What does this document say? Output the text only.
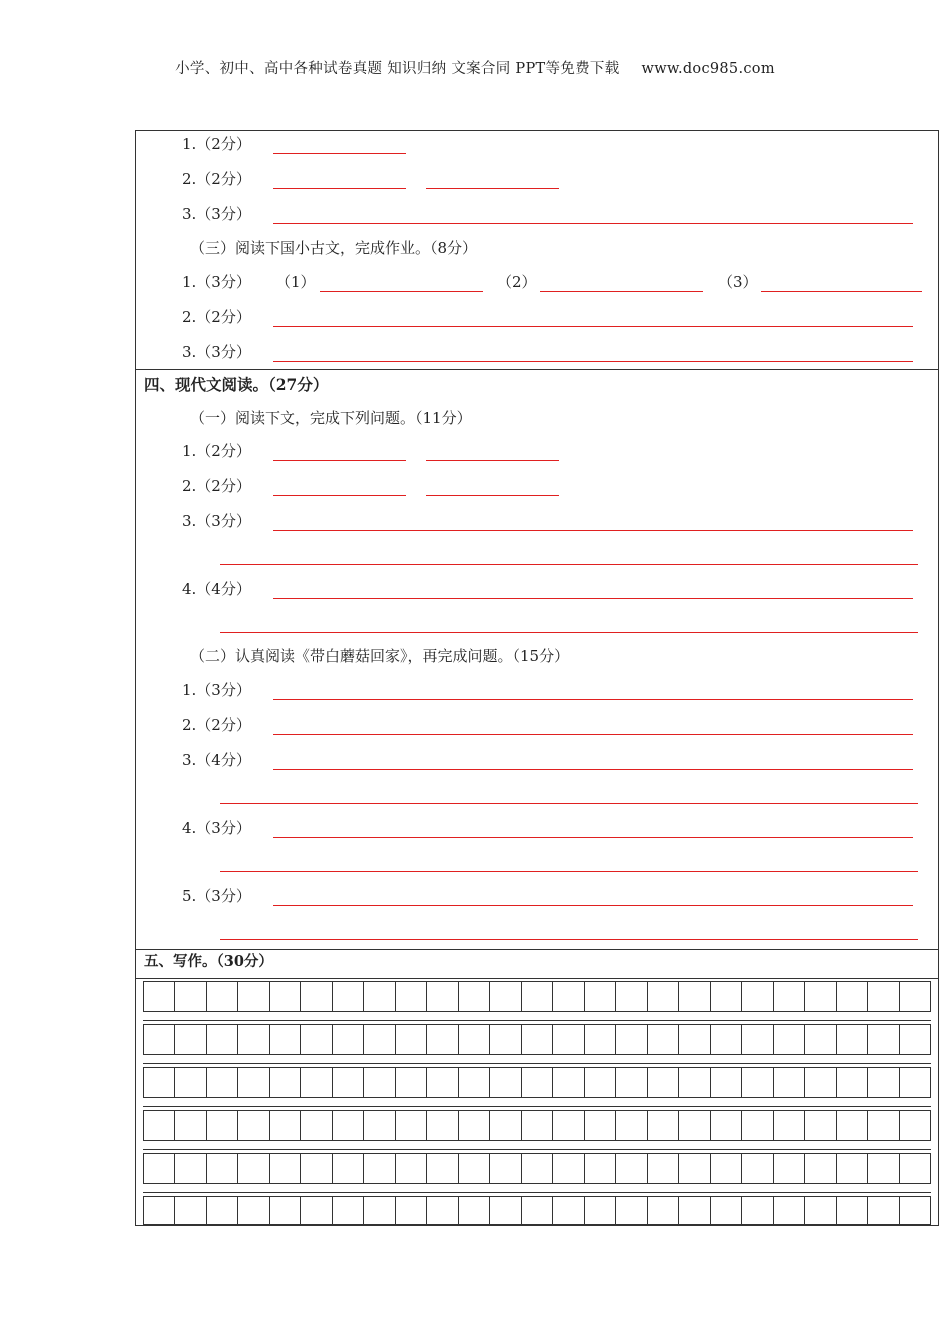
小学、初中、高中各种试卷真题 知识归纳 文案合同 PPT等免费下载 www.doc985.com
1.（2分）
2.（2分）
3.（3分）
（三）阅读下国小古文，完成作业。（8分）
1.（3分） （1）	（2）	（3）
2.（2分）
3.（3分）
四、现代文阅读。（27分）
（一）阅读下文，完成下列问题。（11分）
1.（2分）
2.（2分）
3.（3分）
4.（4分）
（二）认真阅读《带白蘑菇回家》，再完成问题。（15分）
1.（3分）
2.（2分）
3.（4分）
4.（3分）
5.（3分）
五、写作。（30分）
